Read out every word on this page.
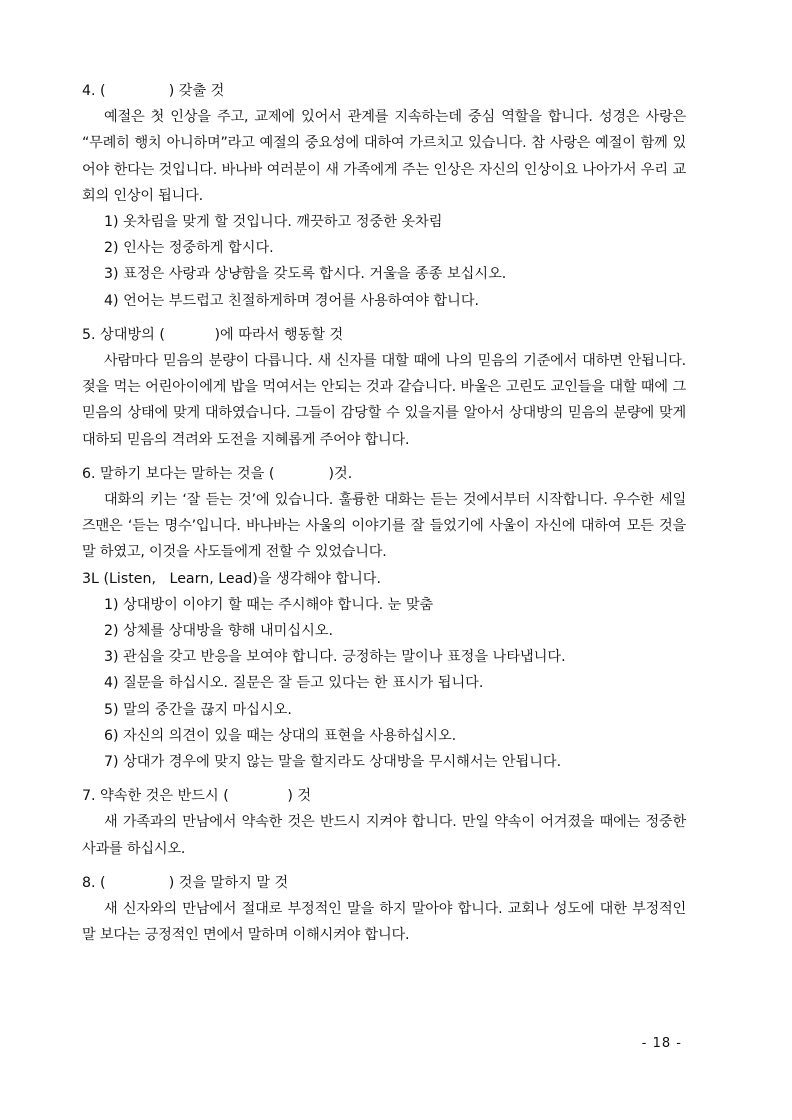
4. (              ) 갖출 것

예절은 첫 인상을 주고, 교제에 있어서 관계를 지속하는데 중심 역할을 합니다. 성경은 사랑은 “무례히 행치 아니하며”라고 예절의 중요성에 대하여 가르치고 있습니다. 참 사랑은 예절이 함께 있어야 한다는 것입니다. 바나바 여러분이 새 가족에게 주는 인상은 자신의 인상이요 나아가서 우리 교회의 인상이 됩니다.

1) 옷차림을 맞게 할 것입니다. 깨끗하고 정중한 옷차림
2) 인사는 정중하게 합시다.
3) 표정은 사랑과 상냥함을 갖도록 합시다. 거울을 종종 보십시오.
4) 언어는 부드럽고 친절하게하며 경어를 사용하여야 합니다.

5. 상대방의 (           )에 따라서 행동할 것

사람마다 믿음의 분량이 다릅니다. 새 신자를 대할 때에 나의 믿음의 기준에서 대하면 안됩니다. 젖을 먹는 어린아이에게 밥을 먹여서는 안되는 것과 같습니다. 바울은 고린도 교인들을 대할 때에 그 믿음의 상태에 맞게 대하였습니다. 그들이 감당할 수 있을지를 알아서 상대방의 믿음의 분량에 맞게 대하되 믿음의 격려와 도전을 지혜롭게 주어야 합니다.

6. 말하기 보다는 말하는 것을 (            )것.

대화의 키는 ‘잘 듣는 것’에 있습니다. 훌륭한 대화는 듣는 것에서부터 시작합니다. 우수한 세일즈맨은 ‘듣는 명수’입니다. 바나바는 사울의 이야기를 잘 들었기에 사울이 자신에 대하여 모든 것을 말 하였고, 이것을 사도들에게 전할 수 있었습니다.

3L (Listen,   Learn, Lead)을 생각해야 합니다.

1) 상대방이 이야기 할 때는 주시해야 합니다. 눈 맞춤
2) 상체를 상대방을 향해 내미십시오.
3) 관심을 갖고 반응을 보여야 합니다. 긍정하는 말이나 표정을 나타냅니다.
4) 질문을 하십시오. 질문은 잘 듣고 있다는 한 표시가 됩니다.
5) 말의 중간을 끊지 마십시오.
6) 자신의 의견이 있을 때는 상대의 표현을 사용하십시오.
7) 상대가 경우에 맞지 않는 말을 할지라도 상대방을 무시해서는 안됩니다.

7. 약속한 것은 반드시 (             ) 것

새 가족과의 만남에서 약속한 것은 반드시 지켜야 합니다. 만일 약속이 어겨졌을 때에는 정중한 사과를 하십시오.

8. (              ) 것을 말하지 말 것

새 신자와의 만남에서 절대로 부정적인 말을 하지 말아야 합니다. 교회나 성도에 대한 부정적인 말 보다는 긍정적인 면에서 말하며 이해시켜야 합니다.

- 18 -
